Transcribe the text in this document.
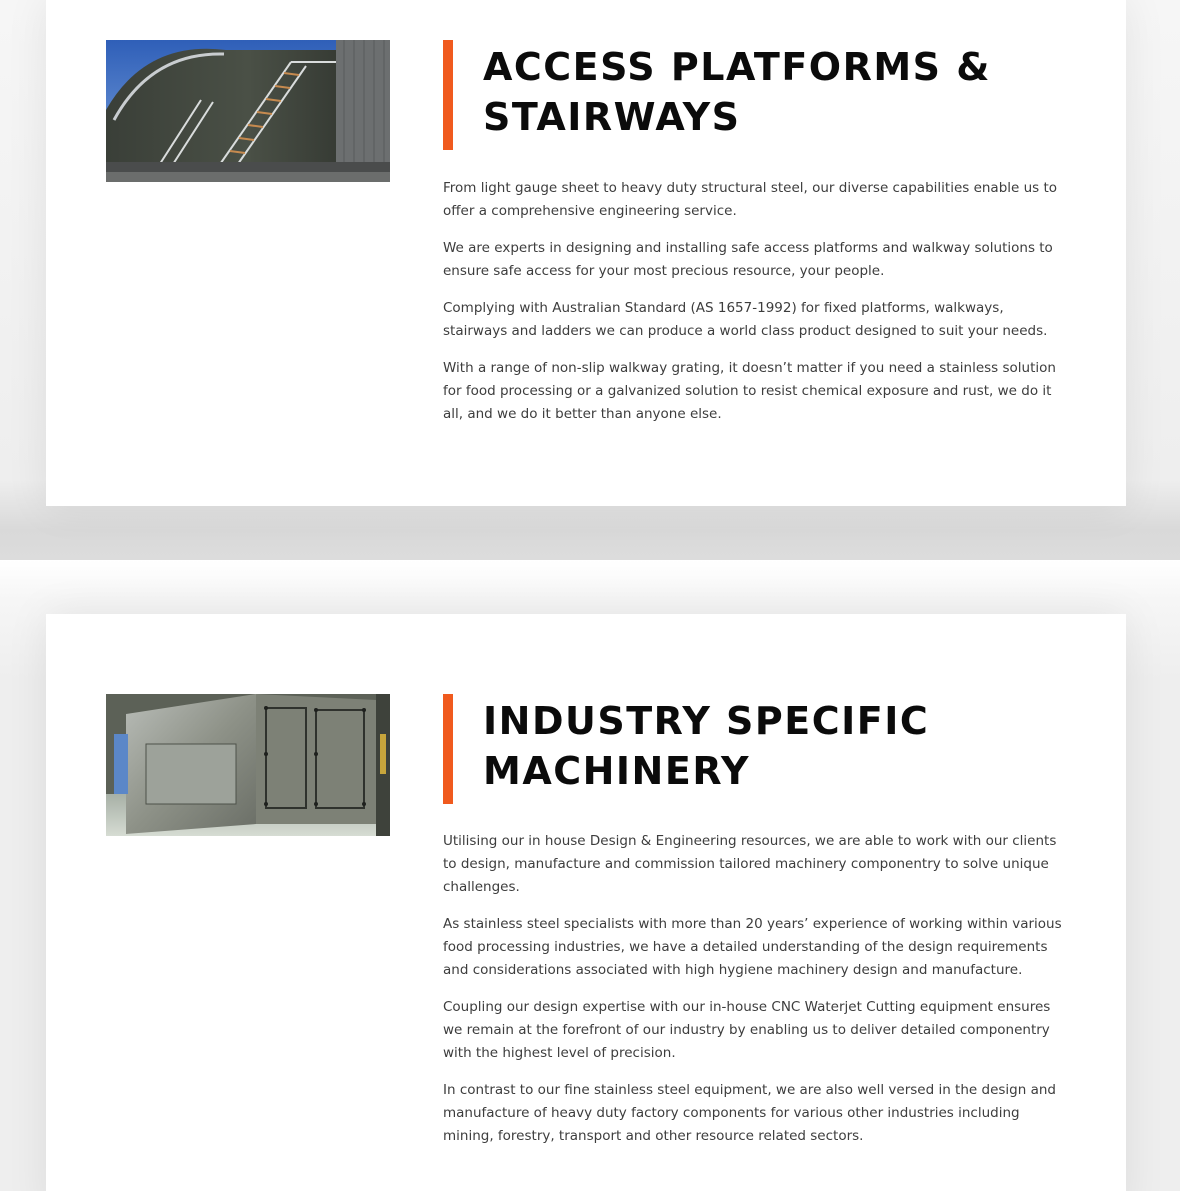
ACCESS PLATFORMS & STAIRWAYS

From light gauge sheet to heavy duty structural steel, our diverse capabilities enable us to offer a comprehensive engineering service.

We are experts in designing and installing safe access platforms and walkway solutions to ensure safe access for your most precious resource, your people.

Complying with Australian Standard (AS 1657-1992) for fixed platforms, walkways, stairways and ladders we can produce a world class product designed to suit your needs.

With a range of non-slip walkway grating, it doesn’t matter if you need a stainless solution for food processing or a galvanized solution to resist chemical exposure and rust, we do it all, and we do it better than anyone else.

INDUSTRY SPECIFIC MACHINERY

Utilising our in house Design & Engineering resources, we are able to work with our clients to design, manufacture and commission tailored machinery componentry to solve unique challenges.

As stainless steel specialists with more than 20 years’ experience of working within various food processing industries, we have a detailed understanding of the design requirements and considerations associated with high hygiene machinery design and manufacture.

Coupling our design expertise with our in-house CNC Waterjet Cutting equipment ensures we remain at the forefront of our industry by enabling us to deliver detailed componentry with the highest level of precision.

In contrast to our fine stainless steel equipment, we are also well versed in the design and manufacture of heavy duty factory components for various other industries including mining, forestry, transport and other resource related sectors.
